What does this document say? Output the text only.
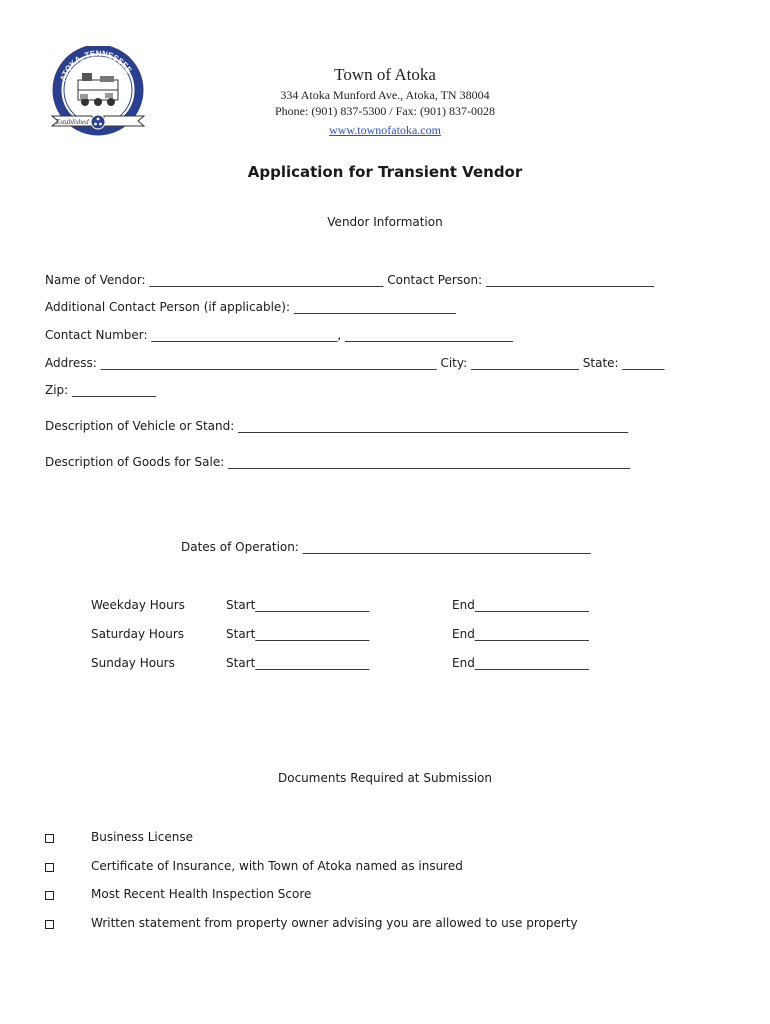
ATOKA, TENNESSEE
Established
Town of Atoka
334 Atoka Munford Ave., Atoka, TN 38004
Phone: (901) 837-5300 / Fax: (901) 837-0028
www.townofatoka.com
Application for Transient Vendor
Vendor Information
Name of Vendor: _______________________________________ Contact Person: ____________________________
Additional Contact Person (if applicable): ___________________________
Contact Number: _______________________________, ____________________________
Address: ________________________________________________________ City: __________________ State: _______
Zip: ______________
Description of Vehicle or Stand: _________________________________________________________________
Description of Goods for Sale: ___________________________________________________________________
Dates of Operation: ________________________________________________
Weekday Hours	Start___________________	End___________________
Saturday Hours	Start___________________	End___________________
Sunday Hours	Start___________________	End___________________
Documents Required at Submission
Business License
Certificate of Insurance, with Town of Atoka named as insured
Most Recent Health Inspection Score
Written statement from property owner advising you are allowed to use property
